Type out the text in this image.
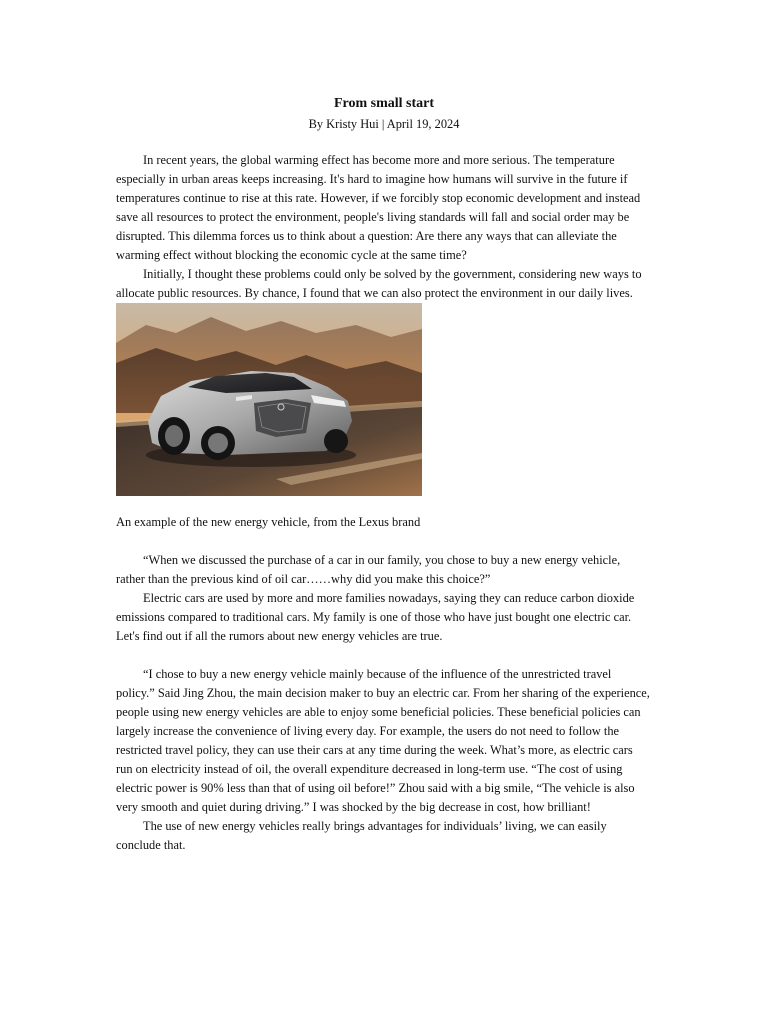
From small start

By Kristy Hui | April 19, 2024

In recent years, the global warming effect has become more and more serious. The temperature especially in urban areas keeps increasing. It's hard to imagine how humans will survive in the future if temperatures continue to rise at this rate. However, if we forcibly stop economic development and instead save all resources to protect the environment, people's living standards will fall and social order may be disrupted. This dilemma forces us to think about a question: Are there any ways that can alleviate the warming effect without blocking the economic cycle at the same time?

Initially, I thought these problems could only be solved by the government, considering new ways to allocate public resources. By chance, I found that we can also protect the environment in our daily lives.

An example of the new energy vehicle, from the Lexus brand

“When we discussed the purchase of a car in our family, you chose to buy a new energy vehicle, rather than the previous kind of oil car……why did you make this choice?”

Electric cars are used by more and more families nowadays, saying they can reduce carbon dioxide emissions compared to traditional cars. My family is one of those who have just bought one electric car. Let's find out if all the rumors about new energy vehicles are true.

“I chose to buy a new energy vehicle mainly because of the influence of the unrestricted travel policy.” Said Jing Zhou, the main decision maker to buy an electric car. From her sharing of the experience, people using new energy vehicles are able to enjoy some beneficial policies. These beneficial policies can largely increase the convenience of living every day. For example, the users do not need to follow the restricted travel policy, they can use their cars at any time during the week. What’s more, as electric cars run on electricity instead of oil, the overall expenditure decreased in long-term use. “The cost of using electric power is 90% less than that of using oil before!” Zhou said with a big smile, “The vehicle is also very smooth and quiet during driving.” I was shocked by the big decrease in cost, how brilliant!

The use of new energy vehicles really brings advantages for individuals’ living, we can easily conclude that.
